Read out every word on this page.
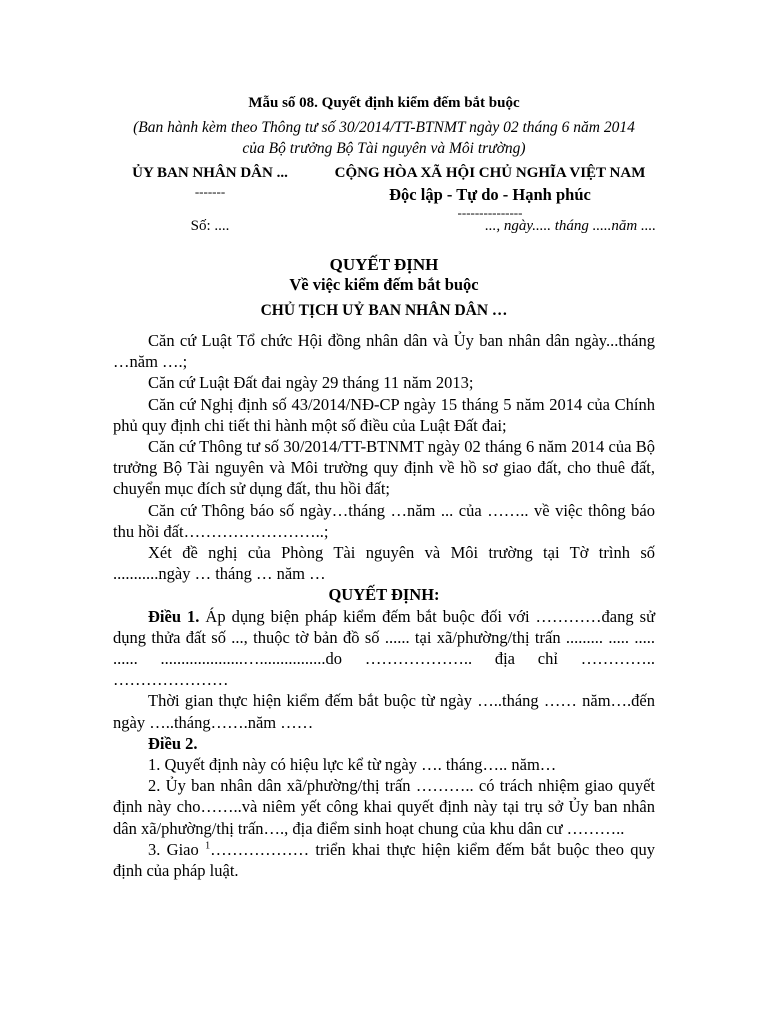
Mẫu số 08. Quyết định kiểm đếm bắt buộc
(Ban hành kèm theo Thông tư số 30/2014/TT-BTNMT ngày 02 tháng 6 năm 2014
của Bộ trưởng Bộ Tài nguyên và Môi trường)
ỦY BAN NHÂN DÂN ...
-------
CỘNG HÒA XÃ HỘI CHỦ NGHĨA VIỆT NAM
Độc lập - Tự do - Hạnh phúc
---------------
Số: ....	..., ngày..... tháng .....năm ....
QUYẾT ĐỊNH
Về việc kiểm đếm bắt buộc
CHỦ TỊCH UỶ BAN NHÂN DÂN …

Căn cứ Luật Tổ chức Hội đồng nhân dân và Ủy ban nhân dân ngày...tháng …năm ….;

Căn cứ Luật Đất đai ngày 29 tháng 11 năm 2013;

Căn cứ Nghị định số 43/2014/NĐ-CP ngày 15 tháng 5 năm 2014 của Chính phủ quy định chi tiết thi hành một số điều của Luật Đất đai;

Căn cứ Thông tư số 30/2014/TT-BTNMT ngày 02 tháng 6 năm 2014 của Bộ trưởng Bộ Tài nguyên và Môi trường quy định về hồ sơ giao đất, cho thuê đất, chuyển mục đích sử dụng đất, thu hồi đất;

Căn cứ Thông báo số ngày…tháng …năm ... của …….. về việc thông báo thu hồi đất……………………..;

Xét đề nghị của Phòng Tài nguyên và Môi trường tại Tờ trình số ...........ngày … tháng … năm …

QUYẾT ĐỊNH:

Điều 1. Áp dụng biện pháp kiểm đếm bắt buộc đối với …………đang sử dụng thửa đất số ..., thuộc tờ bản đồ số ...... tại xã/phường/thị trấn ......... ..... ..... ...... ....................…................do ……………….. địa chỉ ………….. …………………

Thời gian thực hiện kiểm đếm bắt buộc từ ngày …..tháng …… năm….đến ngày …..tháng…….năm ……

Điều 2.

1. Quyết định này có hiệu lực kể từ ngày …. tháng….. năm…

2. Ủy ban nhân dân xã/phường/thị trấn ……….. có trách nhiệm giao quyết định này cho……..và niêm yết công khai quyết định này tại trụ sở Ủy ban nhân dân xã/phường/thị trấn…., địa điểm sinh hoạt chung của khu dân cư ………..

3. Giao $^1$……………… triển khai thực hiện kiểm đếm bắt buộc theo quy định của pháp luật.
